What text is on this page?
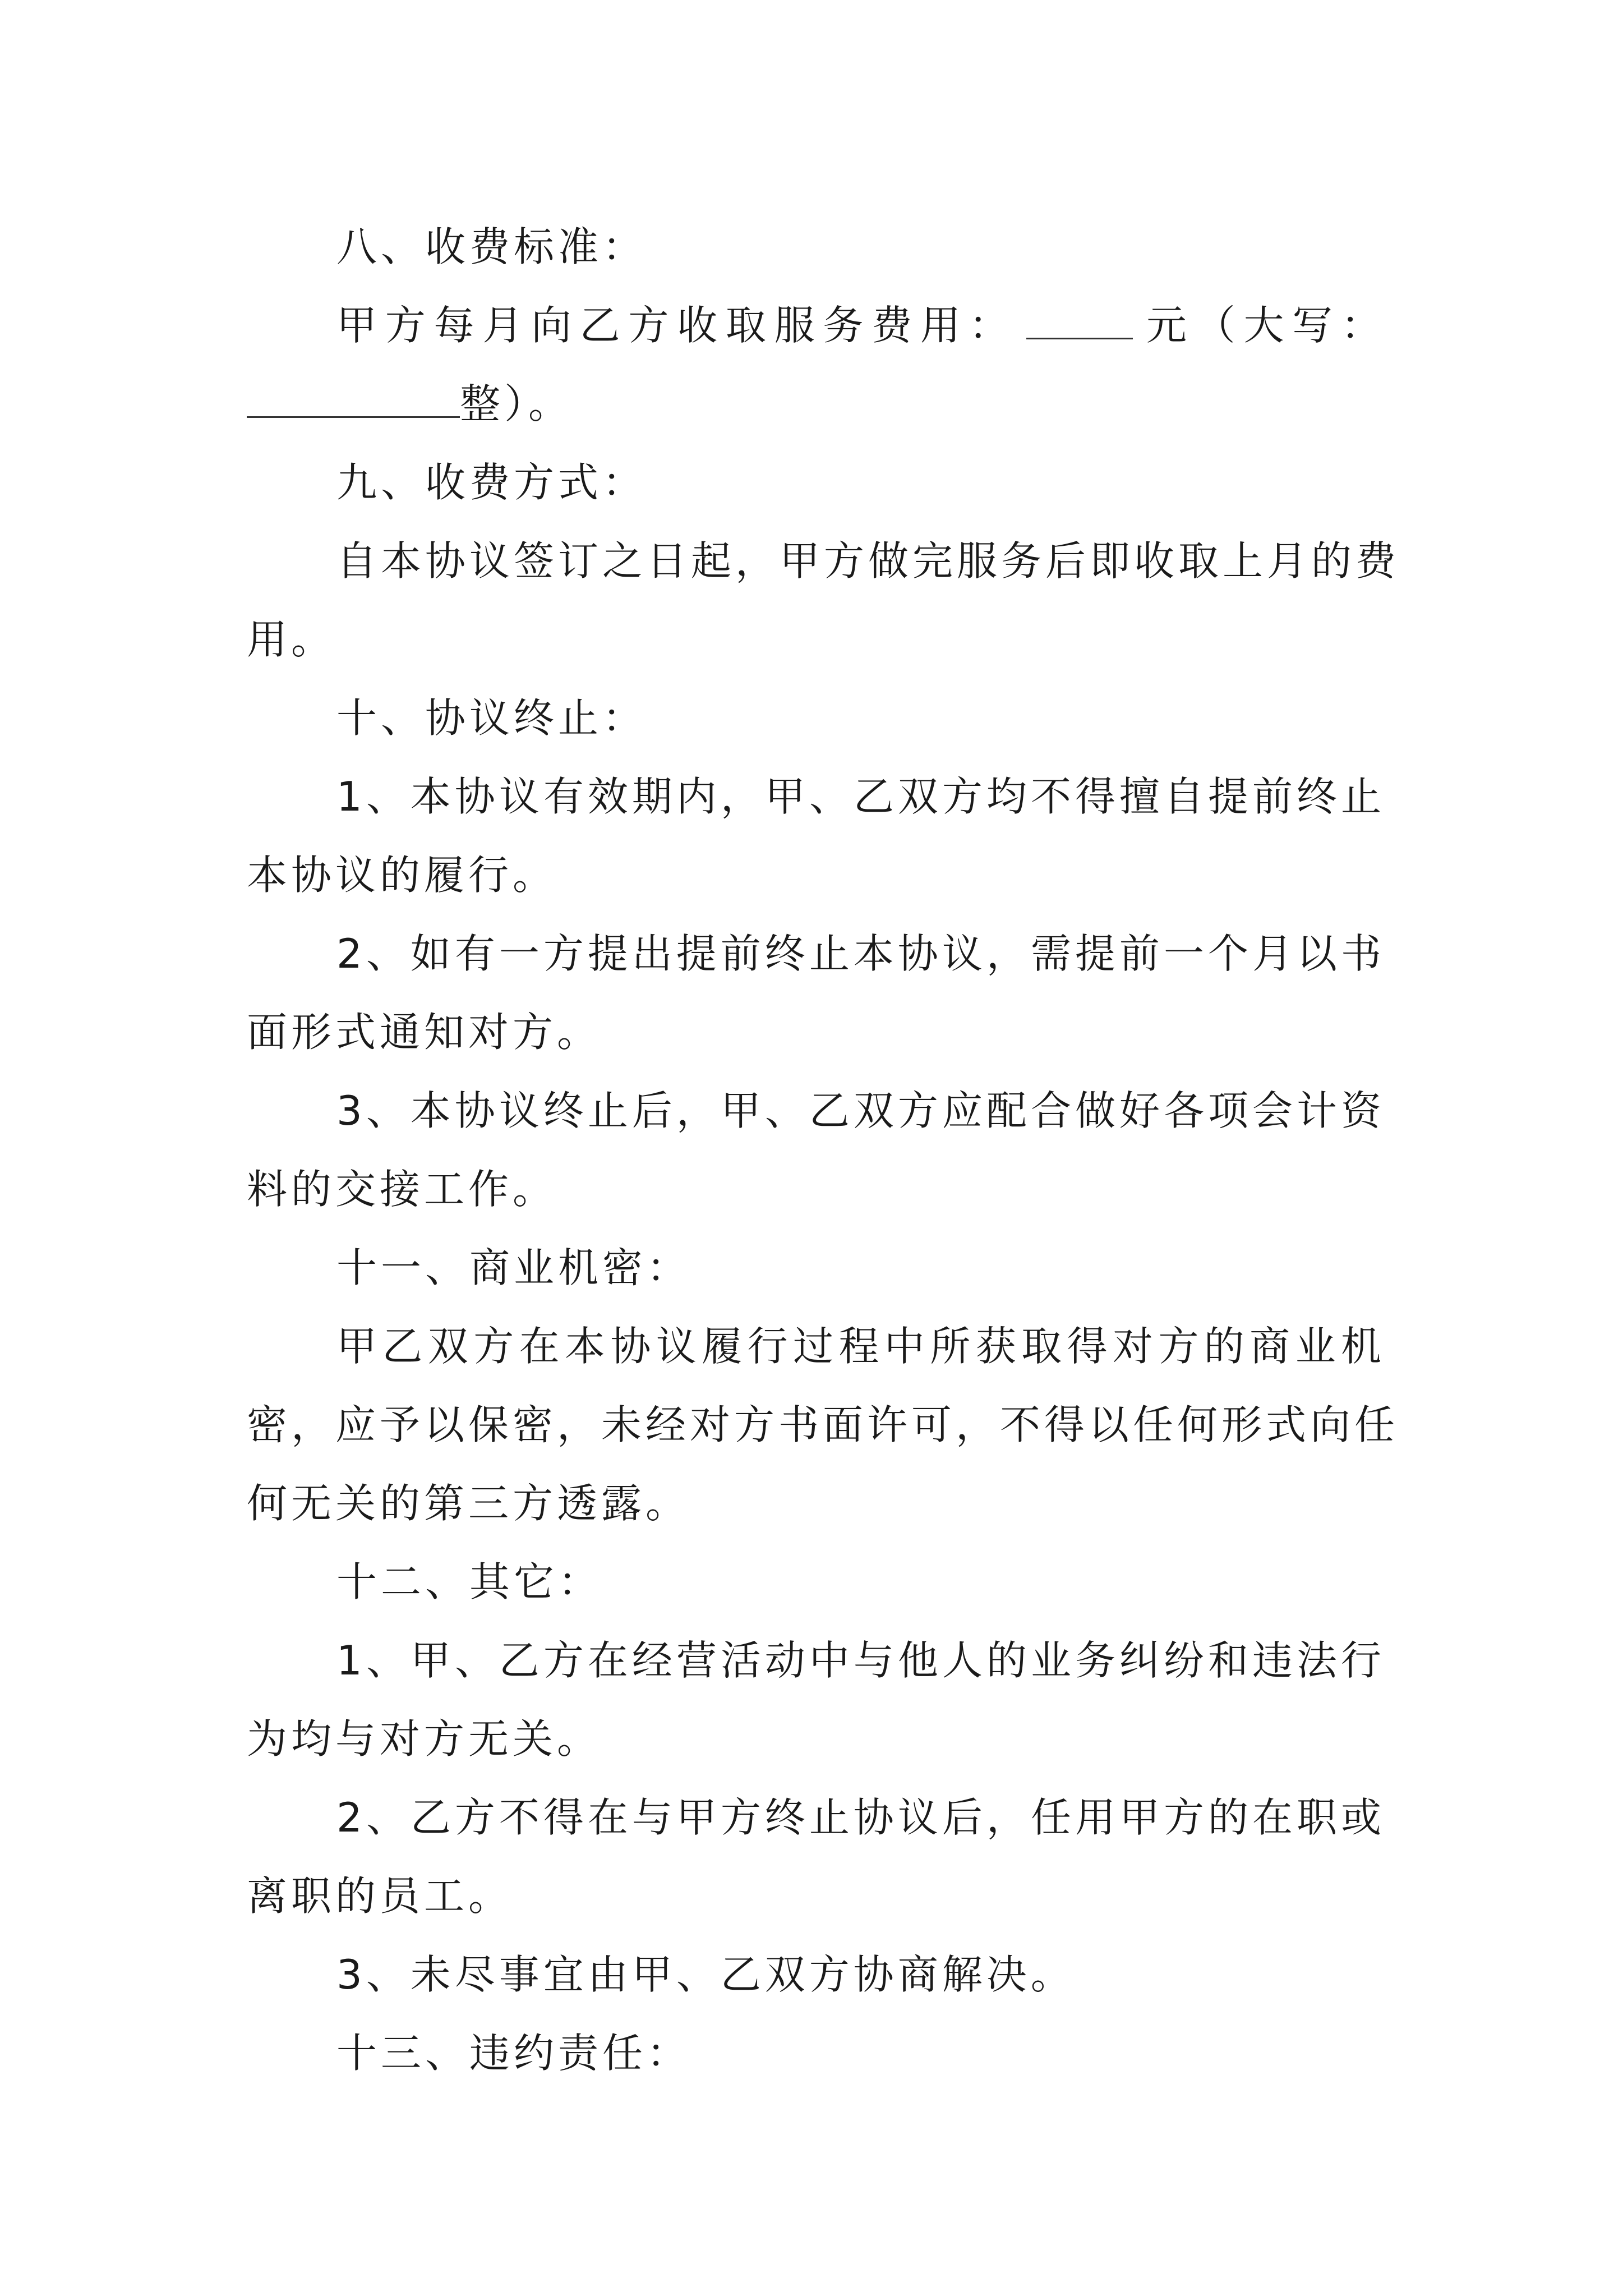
八、收费标准：
甲方每月向乙方收取服务费用：	元（大写：
整）。
九、收费方式：
自本协议签订之日起，甲方做完服务后即收取上月的费
用。
十、协议终止：
1、本协议有效期内，甲、乙双方均不得擅自提前终止
本协议的履行。
2、如有一方提出提前终止本协议，需提前一个月以书
面形式通知对方。
3、本协议终止后，甲、乙双方应配合做好各项会计资
料的交接工作。
十一、商业机密：
甲乙双方在本协议履行过程中所获取得对方的商业机
密，应予以保密，未经对方书面许可，不得以任何形式向任
何无关的第三方透露。
十二、其它：
1、甲、乙方在经营活动中与他人的业务纠纷和违法行
为均与对方无关。
2、乙方不得在与甲方终止协议后，任用甲方的在职或
离职的员工。
3、未尽事宜由甲、乙双方协商解决。
十三、违约责任：
